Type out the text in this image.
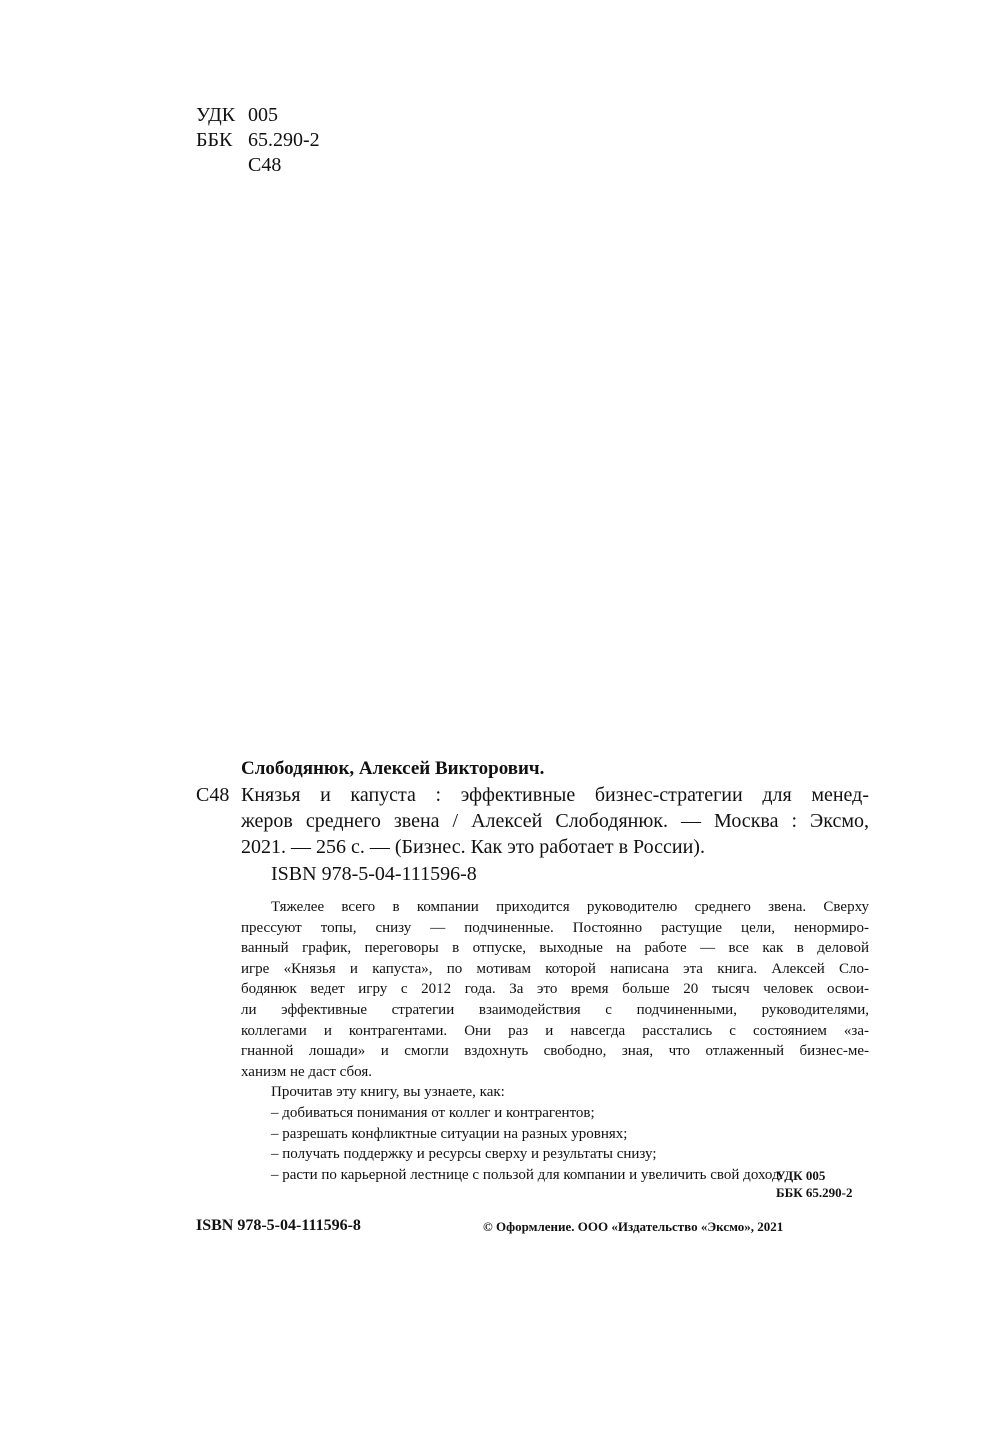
УДК 005
ББК 65.290-2
С48
Слободянюк, Алексей Викторович.
С48 Князья и капуста : эффективные бизнес-стратегии для менед-
жеров среднего звена / Алексей Слободянюк. — Москва : Эксмо,
2021. — 256 с. — (Бизнес. Как это работает в России).
ISBN 978-5-04-111596-8
Тяжелее всего в компании приходится руководителю среднего звена. Сверху
прессуют топы, снизу — подчиненные. Постоянно растущие цели, ненормиро-
ванный график, переговоры в отпуске, выходные на работе — все как в деловой
игре «Князья и капуста», по мотивам которой написана эта книга. Алексей Сло-
бодянюк ведет игру с 2012 года. За это время больше 20 тысяч человек освои-
ли эффективные стратегии взаимодействия с подчиненными, руководителями,
коллегами и контрагентами. Они раз и навсегда расстались с состоянием «за-
гнанной лошади» и смогли вздохнуть свободно, зная, что отлаженный бизнес-ме-
ханизм не даст сбоя.
Прочитав эту книгу, вы узнаете, как:
– добиваться понимания от коллег и контрагентов;
– разрешать конфликтные ситуации на разных уровнях;
– получать поддержку и ресурсы сверху и результаты снизу;
– расти по карьерной лестнице с пользой для компании и увеличить свой доход.
УДК 005
ББК 65.290-2
ISBN 978-5-04-111596-8	© Оформление. ООО «Издательство «Эксмо», 2021
